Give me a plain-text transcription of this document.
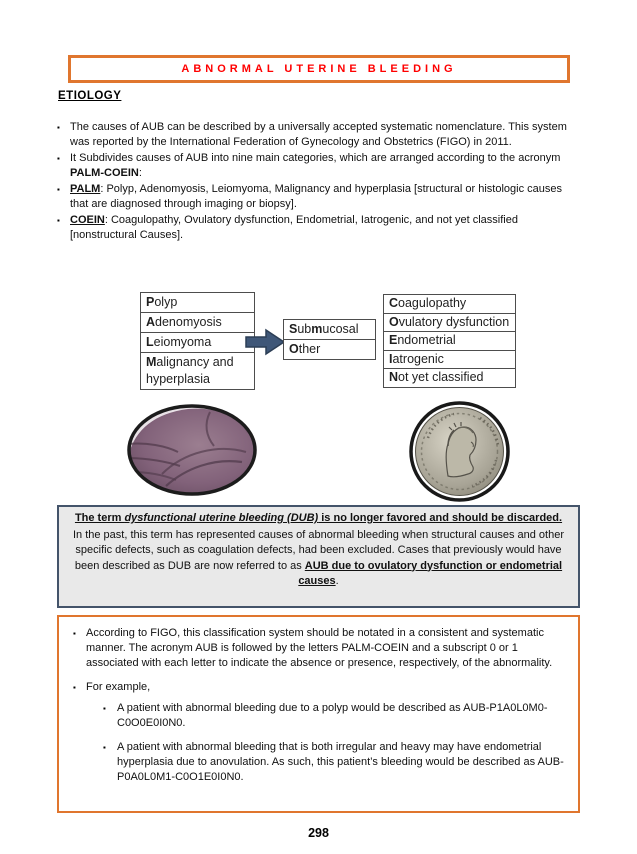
ABNORMAL UTERINE BLEEDING
ETIOLOGY
▪ The causes of AUB can be described by a universally accepted systematic nomenclature. This system was reported by the International Federation of Gynecology and Obstetrics (FIGO) in 2011.
▪ It Subdivides causes of AUB into nine main categories, which are arranged according to the acronym PALM-COEIN:
▪ PALM: Polyp, Adenomyosis, Leiomyoma, Malignancy and hyperplasia [structural or histologic causes that are diagnosed through imaging or biopsy].
▪ COEIN: Coagulopathy, Ovulatory dysfunction, Endometrial, Iatrogenic, and not yet classified [nonstructural Causes].
Polyp
Adenomyosis
Leiomyoma
Malignancy and hyperplasia
Submucosal
Other
Coagulopathy
Ovulatory dysfunction
Endometrial
Iatrogenic
Not yet classified
The term dysfunctional uterine bleeding (DUB) is no longer favored and should be discarded.
In the past, this term has represented causes of abnormal bleeding when structural causes and other specific defects, such as coagulation defects, had been excluded. Cases that previously would have been described as DUB are now referred to as AUB due to ovulatory dysfunction or endometrial causes.
▪ According to FIGO, this classification system should be notated in a consistent and systematic manner. The acronym AUB is followed by the letters PALM-COEIN and a subscript 0 or 1 associated with each letter to indicate the absence or presence, respectively, of the abnormality.
▪ For example,
▪	A patient with abnormal bleeding due to a polyp would be described as AUB-P1A0L0M0-C0O0E0I0N0.
▪	A patient with abnormal bleeding that is both irregular and heavy may have endometrial hyperplasia due to anovulation. As such, this patient’s bleeding would be described as AUB- P0A0L0M1-C0O1E0I0N0.
298
